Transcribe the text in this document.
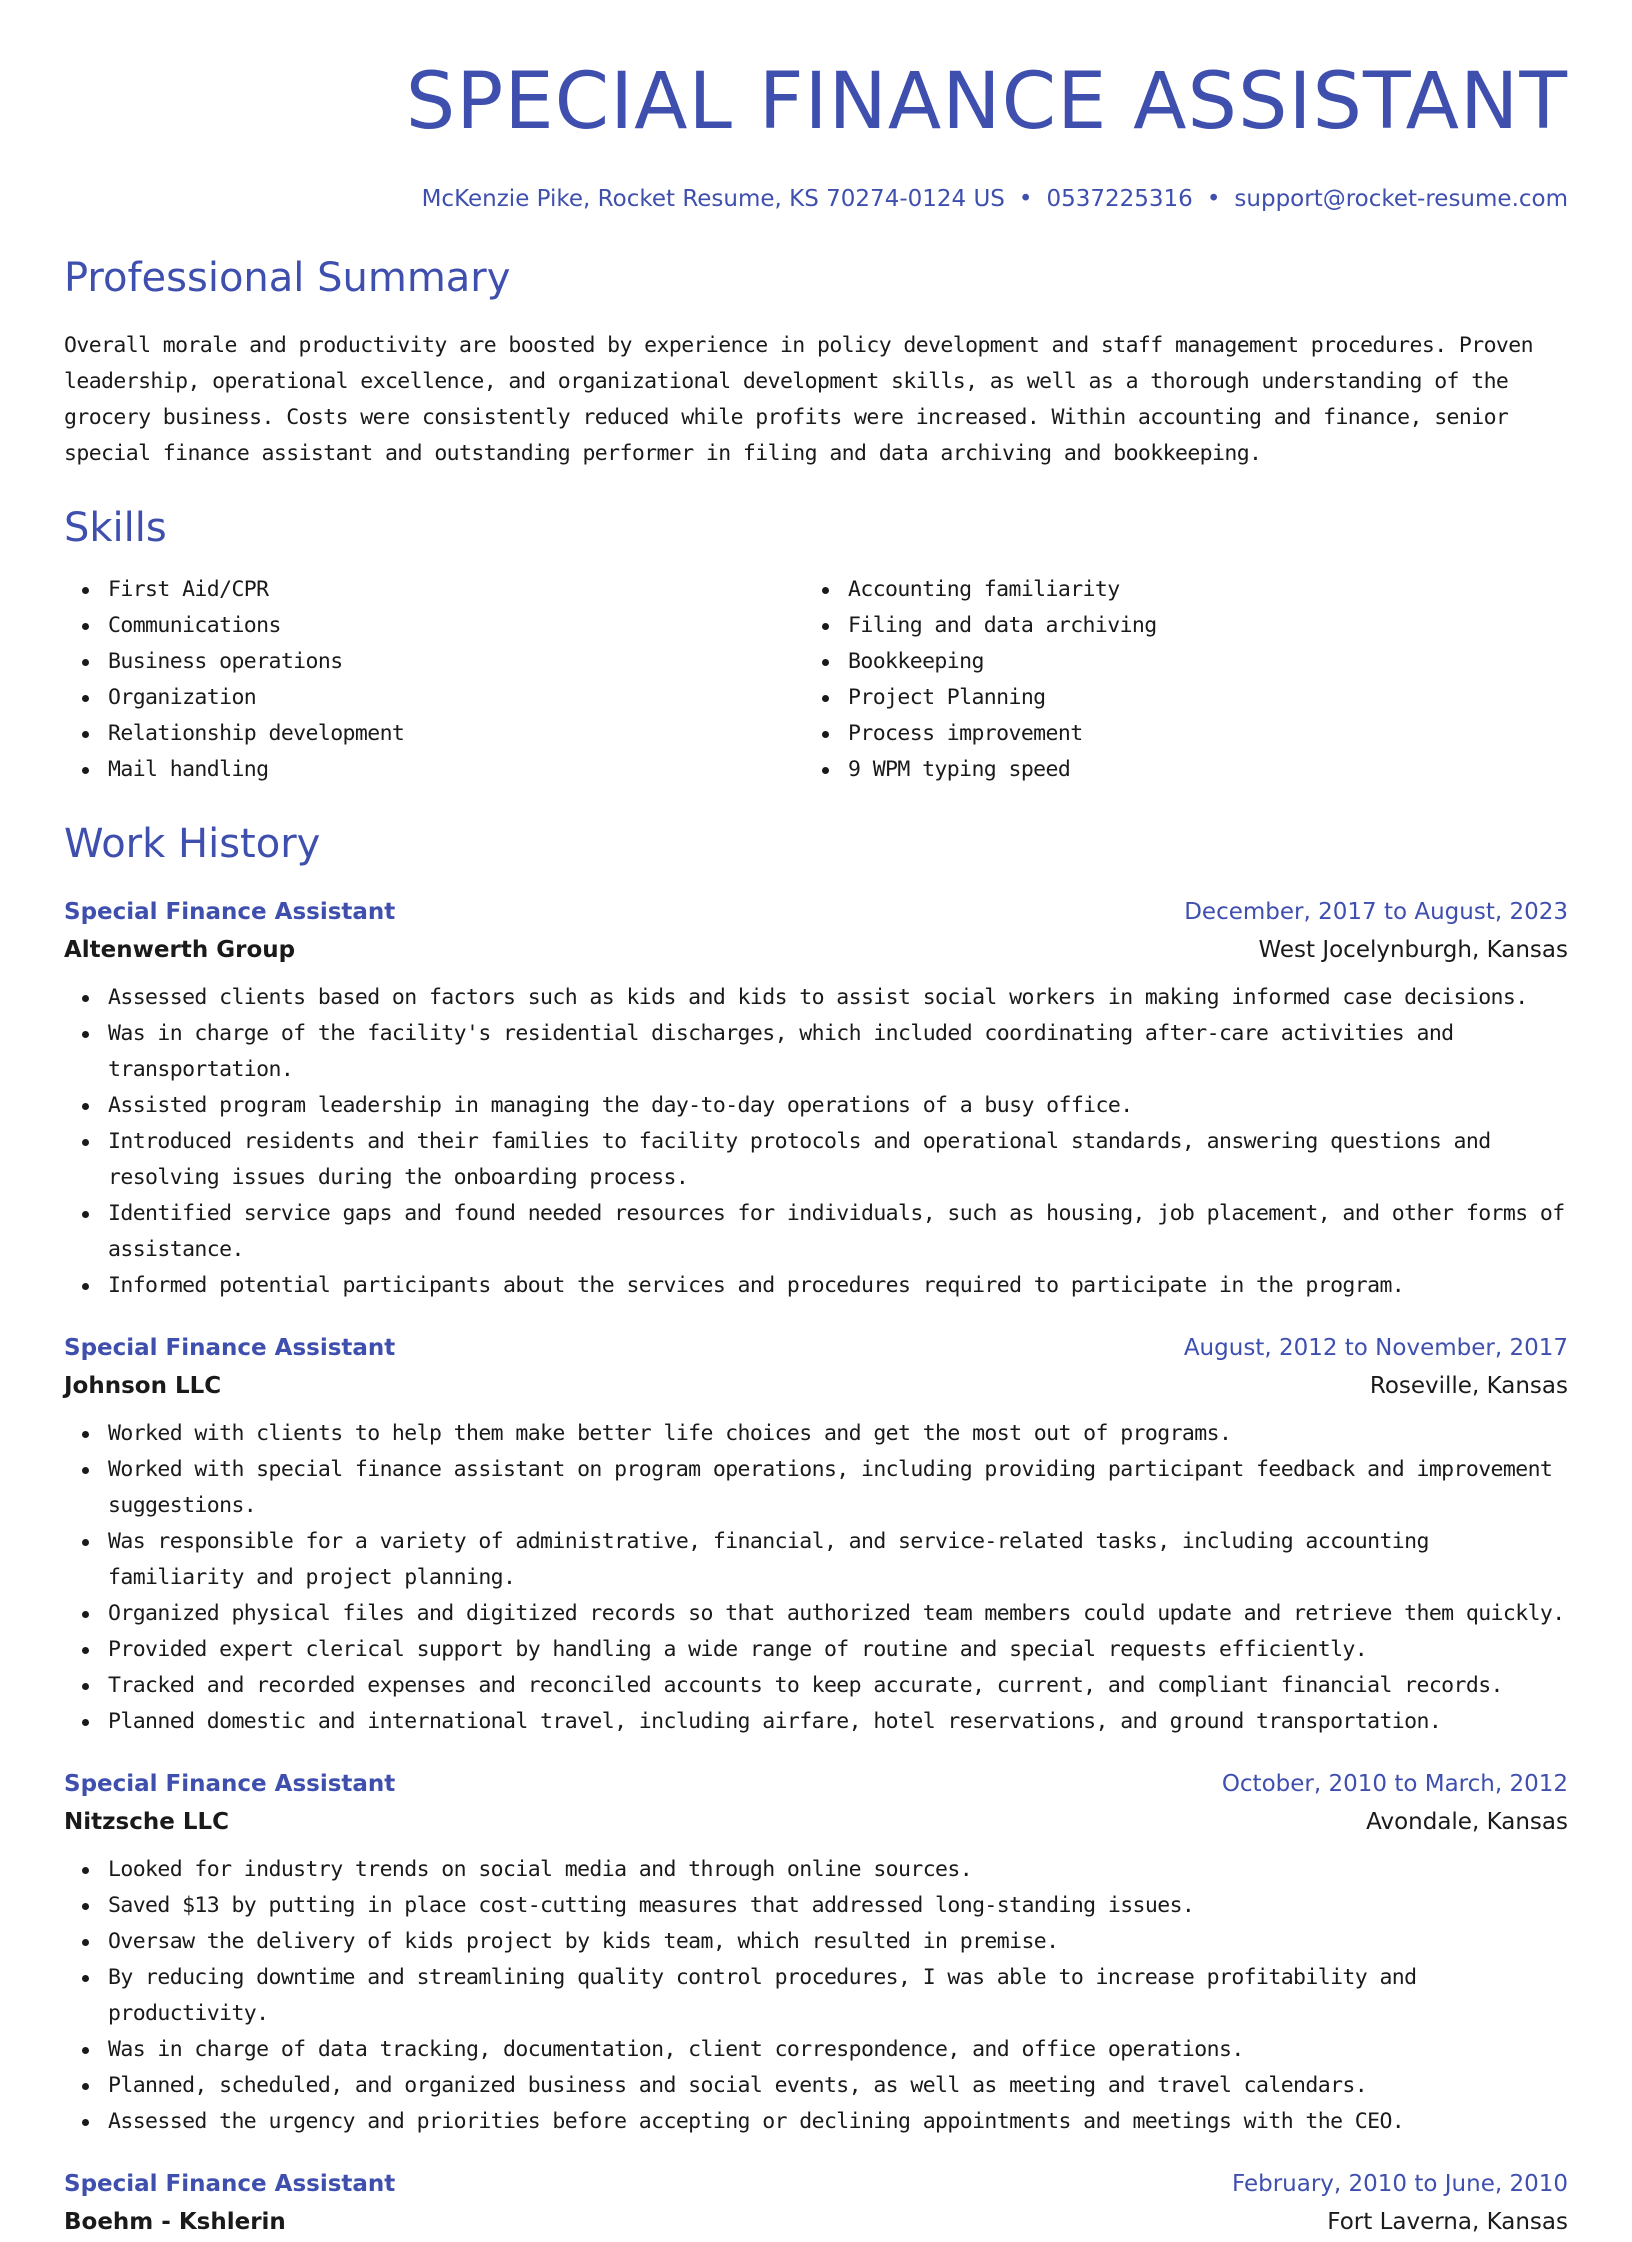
SPECIAL FINANCE ASSISTANT
McKenzie Pike, Rocket Resume, KS 70274-0124 US • 0537225316 • support@rocket-resume.com
Professional Summary
Overall morale and productivity are boosted by experience in policy development and staff management procedures. Proven leadership, operational excellence, and organizational development skills, as well as a thorough understanding of the grocery business. Costs were consistently reduced while profits were increased. Within accounting and finance, senior special finance assistant and outstanding performer in filing and data archiving and bookkeeping.
Skills
First Aid/CPR
Communications
Business operations
Organization
Relationship development
Mail handling
Accounting familiarity
Filing and data archiving
Bookkeeping
Project Planning
Process improvement
9 WPM typing speed
Work History
Special Finance Assistant	December, 2017 to August, 2023
Altenwerth Group	West Jocelynburgh, Kansas
Assessed clients based on factors such as kids and kids to assist social workers in making informed case decisions.
Was in charge of the facility's residential discharges, which included coordinating after-care activities and transportation.
Assisted program leadership in managing the day-to-day operations of a busy office.
Introduced residents and their families to facility protocols and operational standards, answering questions and resolving issues during the onboarding process.
Identified service gaps and found needed resources for individuals, such as housing, job placement, and other forms of assistance.
Informed potential participants about the services and procedures required to participate in the program.
Special Finance Assistant	August, 2012 to November, 2017
Johnson LLC	Roseville, Kansas
Worked with clients to help them make better life choices and get the most out of programs.
Worked with special finance assistant on program operations, including providing participant feedback and improvement suggestions.
Was responsible for a variety of administrative, financial, and service-related tasks, including accounting familiarity and project planning.
Organized physical files and digitized records so that authorized team members could update and retrieve them quickly.
Provided expert clerical support by handling a wide range of routine and special requests efficiently.
Tracked and recorded expenses and reconciled accounts to keep accurate, current, and compliant financial records.
Planned domestic and international travel, including airfare, hotel reservations, and ground transportation.
Special Finance Assistant	October, 2010 to March, 2012
Nitzsche LLC	Avondale, Kansas
Looked for industry trends on social media and through online sources.
Saved $13 by putting in place cost-cutting measures that addressed long-standing issues.
Oversaw the delivery of kids project by kids team, which resulted in premise.
By reducing downtime and streamlining quality control procedures, I was able to increase profitability and productivity.
Was in charge of data tracking, documentation, client correspondence, and office operations.
Planned, scheduled, and organized business and social events, as well as meeting and travel calendars.
Assessed the urgency and priorities before accepting or declining appointments and meetings with the CEO.
Special Finance Assistant	February, 2010 to June, 2010
Boehm - Kshlerin	Fort Laverna, Kansas
